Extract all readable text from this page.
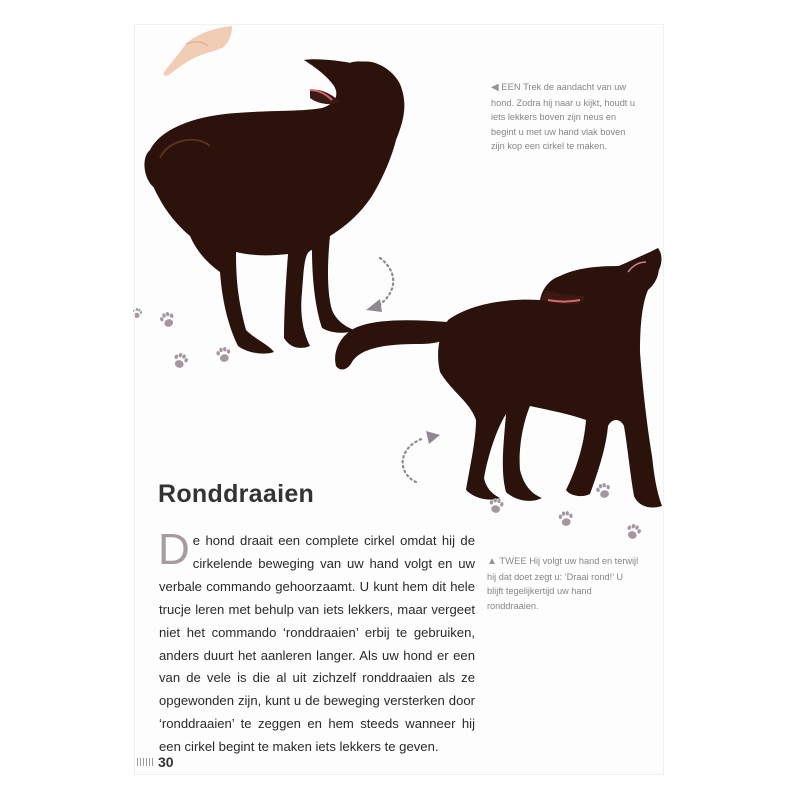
◀ EEN Trek de aandacht van uw hond. Zodra hij naar u kijkt, houdt u iets lekkers boven zijn neus en begint u met uw hand vlak boven zijn kop een cirkel te maken.
▲ TWEE Hij volgt uw hand en terwijl hij dat doet zegt u: ‘Draai rond!’ U blijft tegelijkertijd uw hand ronddraaien.
Ronddraaien
De hond draait een complete cirkel omdat hij de cirkelende beweging van uw hand volgt en uw verbale commando gehoorzaamt. U kunt hem dit hele trucje leren met behulp van iets lekkers, maar vergeet niet het commando ‘ronddraaien’ erbij te gebruiken, anders duurt het aanleren langer. Als uw hond er een van de vele is die al uit zichzelf ronddraaien als ze opgewonden zijn, kunt u de beweging versterken door ‘ronddraaien’ te zeggen en hem steeds wanneer hij een cirkel begint te maken iets lekkers te geven.
30
